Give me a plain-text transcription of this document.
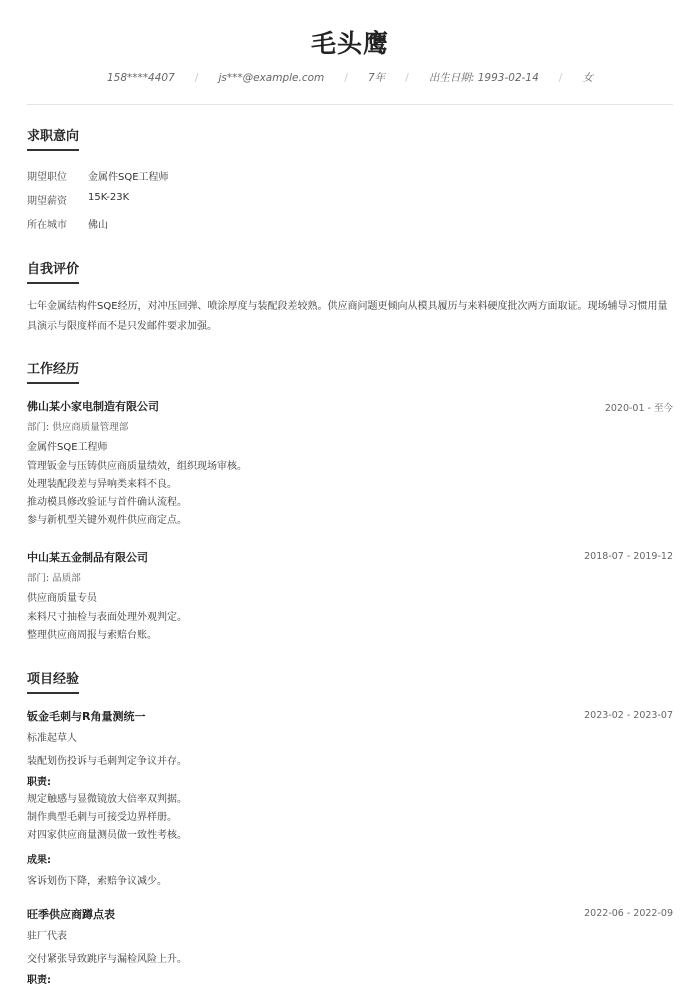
毛头鹰
158****4407 / js***@example.com / 7年 / 出生日期: 1993-02-14 / 女
求职意向
期望职位	金属件SQE工程师
期望薪资	15K-23K
所在城市	佛山
自我评价
七年金属结构件SQE经历，对冲压回弹、喷涂厚度与装配段差较熟。供应商问题更倾向从模具履历与来料硬度批次两方面取证。现场辅导习惯用量具演示与限度样而不是只发邮件要求加强。
工作经历
佛山某小家电制造有限公司	2020-01 - 至今
部门: 供应商质量管理部
金属件SQE工程师
管理钣金与压铸供应商质量绩效，组织现场审核。
处理装配段差与异响类来料不良。
推动模具修改验证与首件确认流程。
参与新机型关键外观件供应商定点。
中山某五金制品有限公司	2018-07 - 2019-12
部门: 品质部
供应商质量专员
来料尺寸抽检与表面处理外观判定。
整理供应商周报与索赔台账。
项目经验
钣金毛刺与R角量测统一	2023-02 - 2023-07
标准起草人
装配划伤投诉与毛刺判定争议并存。
职责:
规定触感与显微镜放大倍率双判据。
制作典型毛刺与可接受边界样册。
对四家供应商量测员做一致性考核。
成果:
客诉划伤下降，索赔争议减少。
旺季供应商蹲点表	2022-06 - 2022-09
驻厂代表
交付紧张导致跳序与漏检风险上升。
职责:
